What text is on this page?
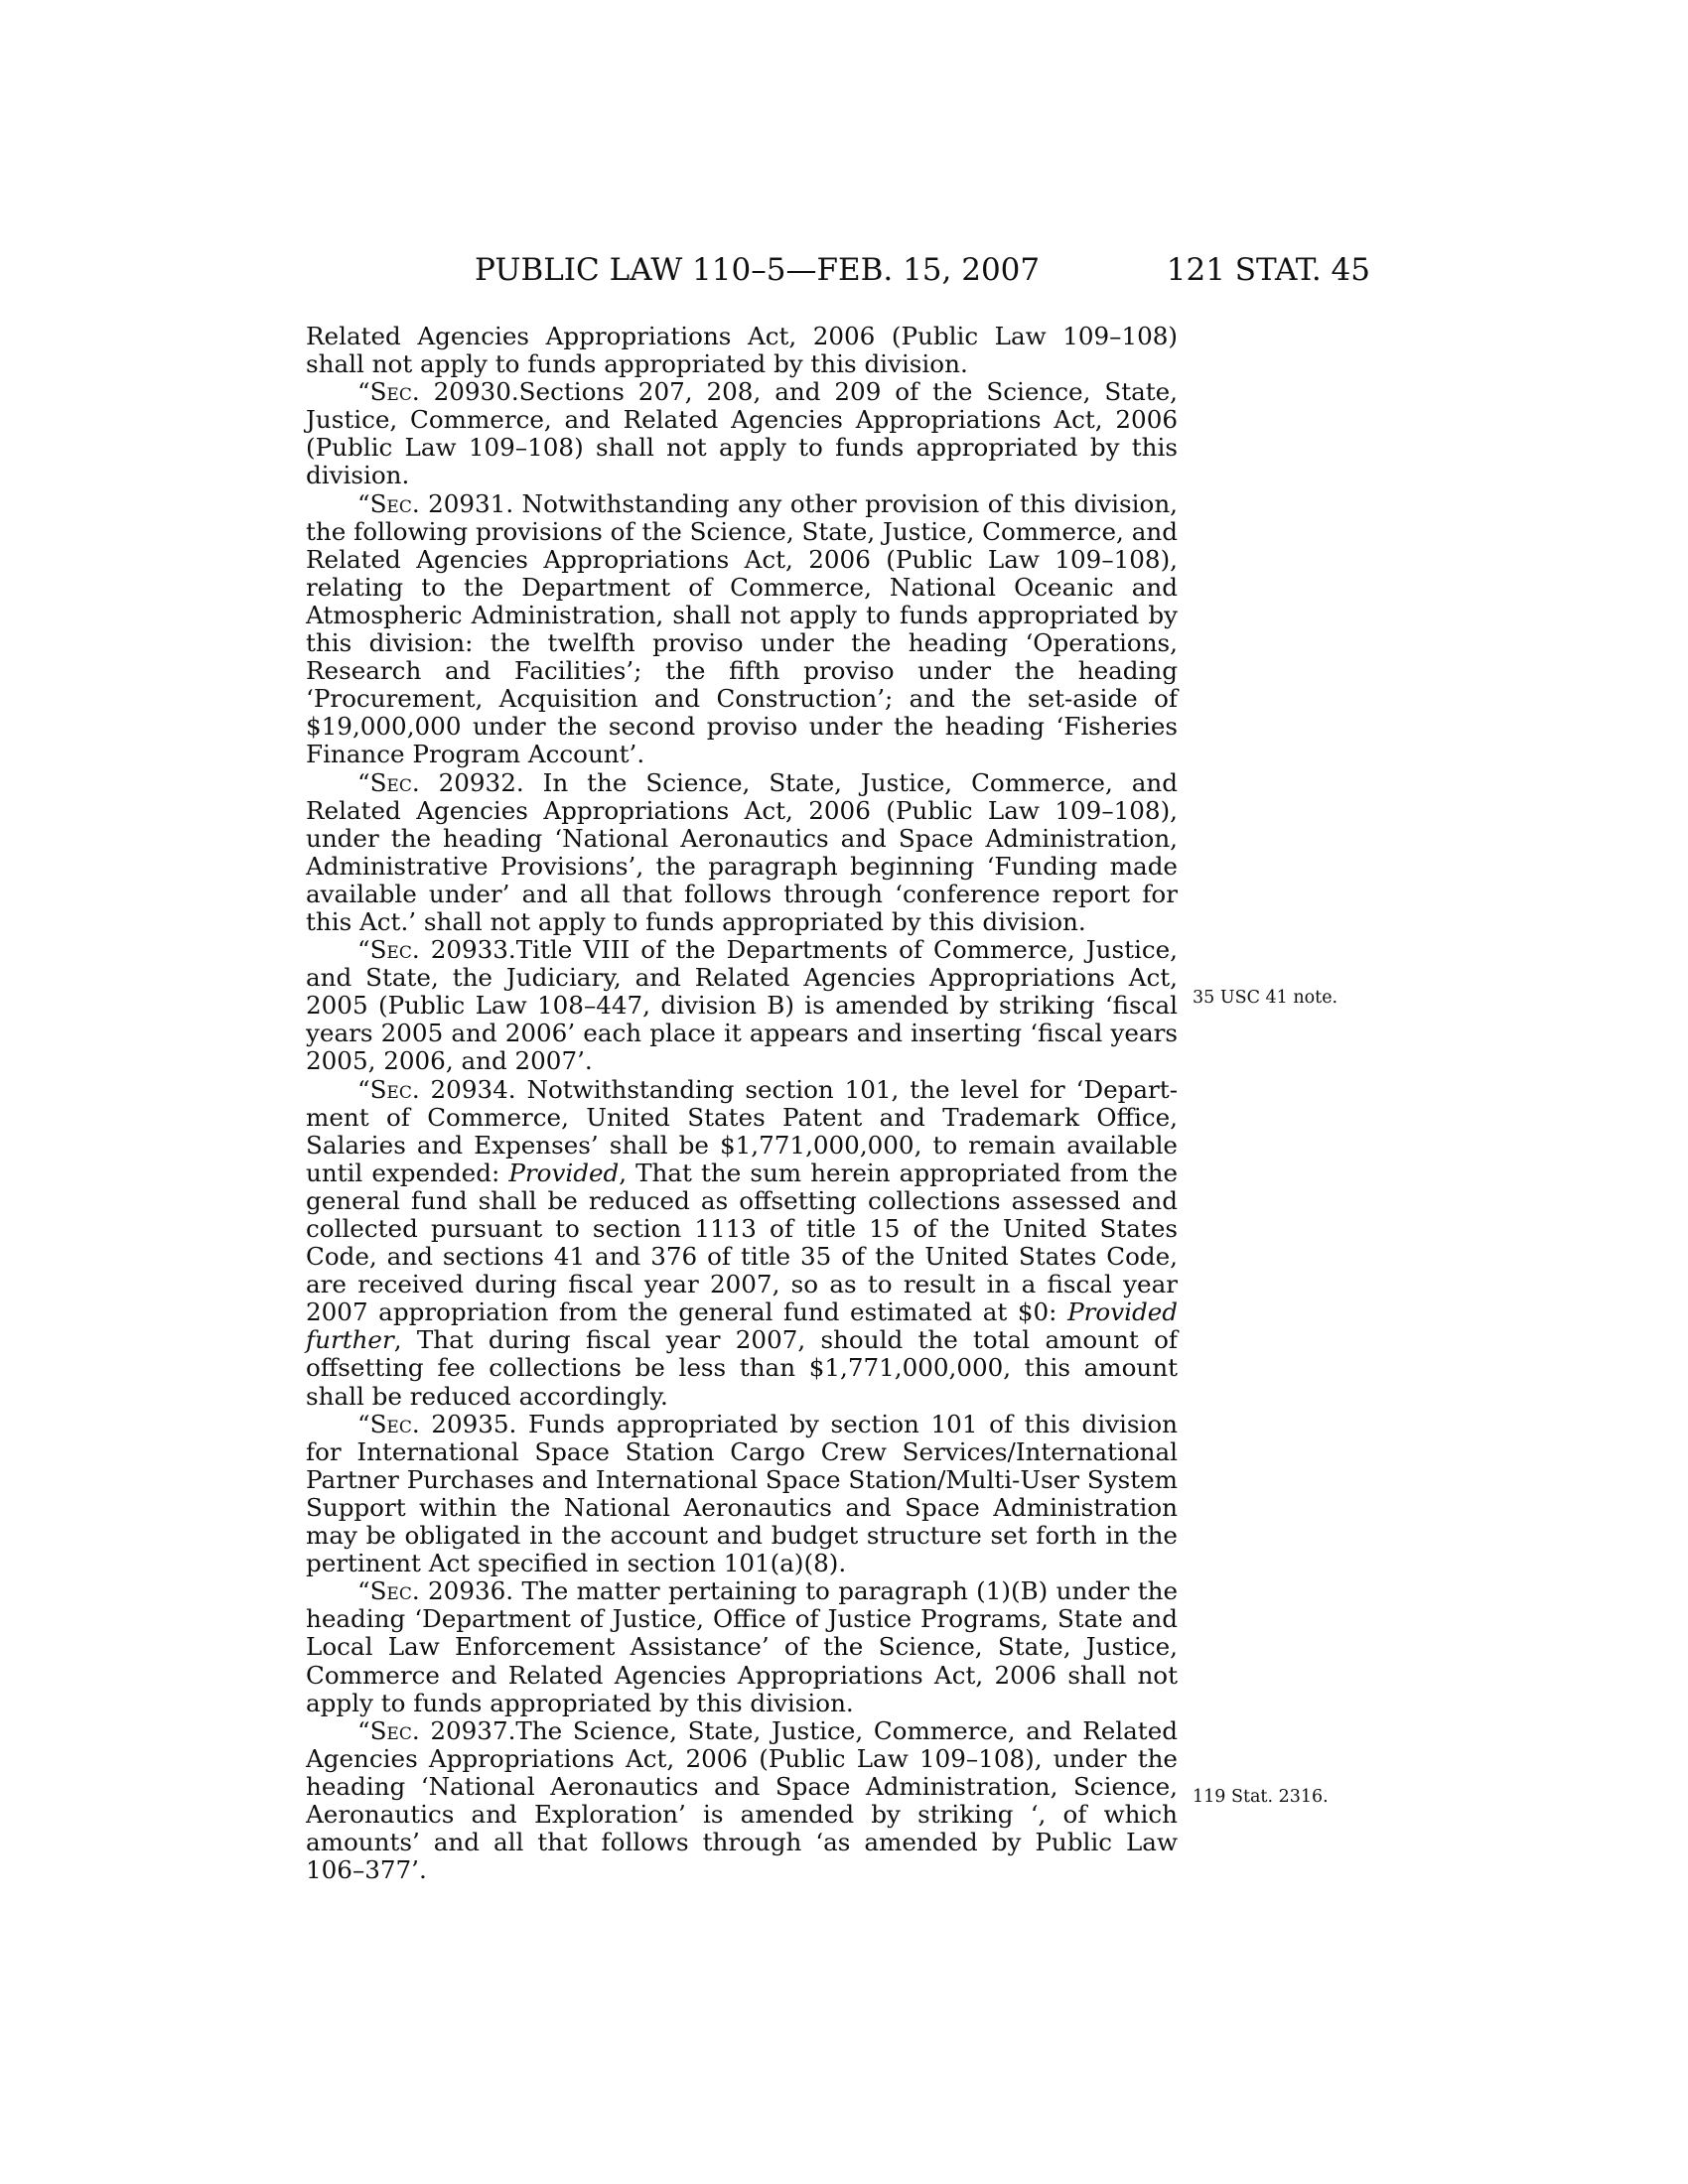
PUBLIC LAW 110–5—FEB. 15, 2007	121 STAT. 45

Related Agencies Appropriations Act, 2006 (Public Law 109–108) shall not apply to funds appropriated by this division.

“Sec. 20930.Sections 207, 208, and 209 of the Science, State, Justice, Commerce, and Related Agencies Appropriations Act, 2006 (Public Law 109–108) shall not apply to funds appropriated by this division.

“Sec. 20931. Notwithstanding any other provision of this division, the following provisions of the Science, State, Justice, Commerce, and Related Agencies Appropriations Act, 2006 (Public Law 109–108), relating to the Department of Commerce, National Oceanic and Atmospheric Administration, shall not apply to funds appropriated by this division: the twelfth proviso under the heading ‘Operations, Research and Facilities’; the fifth proviso under the heading ‘Procurement, Acquisition and Construction’; and the set-aside of $19,000,000 under the second proviso under the heading ‘Fisheries Finance Program Account’.

“Sec. 20932. In the Science, State, Justice, Commerce, and Related Agencies Appropriations Act, 2006 (Public Law 109–108), under the heading ‘National Aeronautics and Space Administration, Administrative Provisions’, the paragraph beginning ‘Funding made available under’ and all that follows through ‘conference report for this Act.’ shall not apply to funds appropriated by this division.

“Sec. 20933.Title VIII of the Departments of Commerce, Justice, and State, the Judiciary, and Related Agencies Appropriations Act, 2005 (Public Law 108–447, division B) is amended by striking ‘fiscal years 2005 and 2006’ each place it appears and inserting ‘fiscal years 2005, 2006, and 2007’.

“Sec. 20934. Notwithstanding section 101, the level for ‘Department of Commerce, United States Patent and Trademark Office, Salaries and Expenses’ shall be $1,771,000,000, to remain available until expended: Provided, That the sum herein appropriated from the general fund shall be reduced as offsetting collections assessed and collected pursuant to section 1113 of title 15 of the United States Code, and sections 41 and 376 of title 35 of the United States Code, are received during fiscal year 2007, so as to result in a fiscal year 2007 appropriation from the general fund estimated at $0: Provided further, That during fiscal year 2007, should the total amount of offsetting fee collections be less than $1,771,000,000, this amount shall be reduced accordingly.

“Sec. 20935. Funds appropriated by section 101 of this division for International Space Station Cargo Crew Services/International Partner Purchases and International Space Station/Multi-User System Support within the National Aeronautics and Space Administration may be obligated in the account and budget structure set forth in the pertinent Act specified in section 101(a)(8).

“Sec. 20936. The matter pertaining to paragraph (1)(B) under the heading ‘Department of Justice, Office of Justice Programs, State and Local Law Enforcement Assistance’ of the Science, State, Justice, Commerce and Related Agencies Appropriations Act, 2006 shall not apply to funds appropriated by this division.

“Sec. 20937.The Science, State, Justice, Commerce, and Related Agencies Appropriations Act, 2006 (Public Law 109–108), under the heading ‘National Aeronautics and Space Administration, Science, Aeronautics and Exploration’ is amended by striking ‘, of which amounts’ and all that follows through ‘as amended by Public Law 106–377’.

35 USC 41 note.
119 Stat. 2316.
